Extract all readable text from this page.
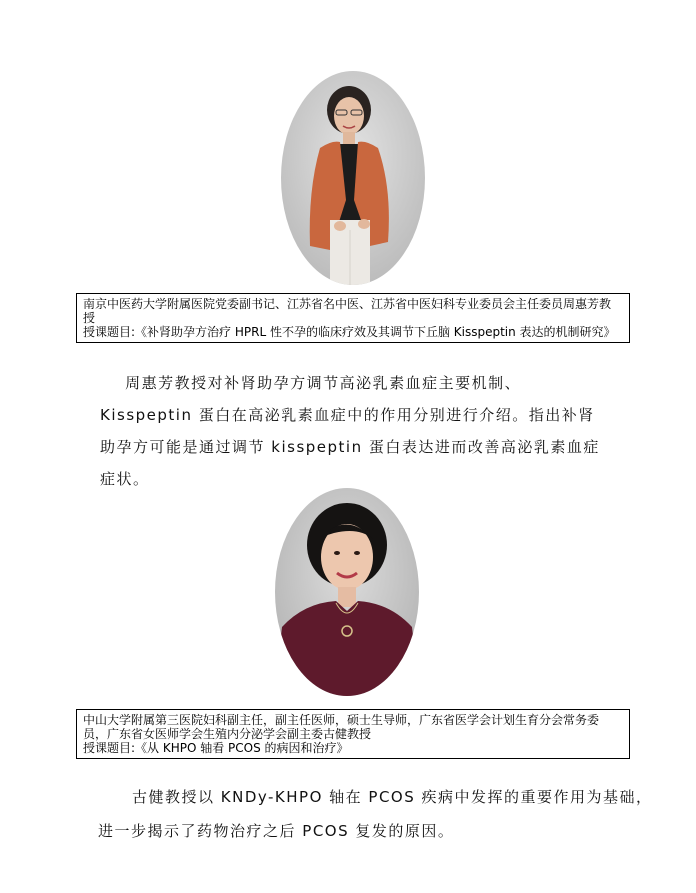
南京中医药大学附属医院党委副书记、江苏省名中医、江苏省中医妇科专业委员会主任委员周惠芳教
授
授课题目:《补肾助孕方治疗 HPRL 性不孕的临床疗效及其调节下丘脑 Kisspeptin 表达的机制研究》
周惠芳教授对补肾助孕方调节高泌乳素血症主要机制、
Kisspeptin 蛋白在高泌乳素血症中的作用分别进行介绍。指出补肾
助孕方可能是通过调节 kisspeptin 蛋白表达进而改善高泌乳素血症
症状。
中山大学附属第三医院妇科副主任，副主任医师，硕士生导师，广东省医学会计划生育分会常务委
员，广东省女医师学会生殖内分泌学会副主委古健教授
授课题目:《从 KHPO 轴看 PCOS 的病因和治疗》
古健教授以 KNDy-KHPO 轴在 PCOS 疾病中发挥的重要作用为基础，
进一步揭示了药物治疗之后 PCOS 复发的原因。
